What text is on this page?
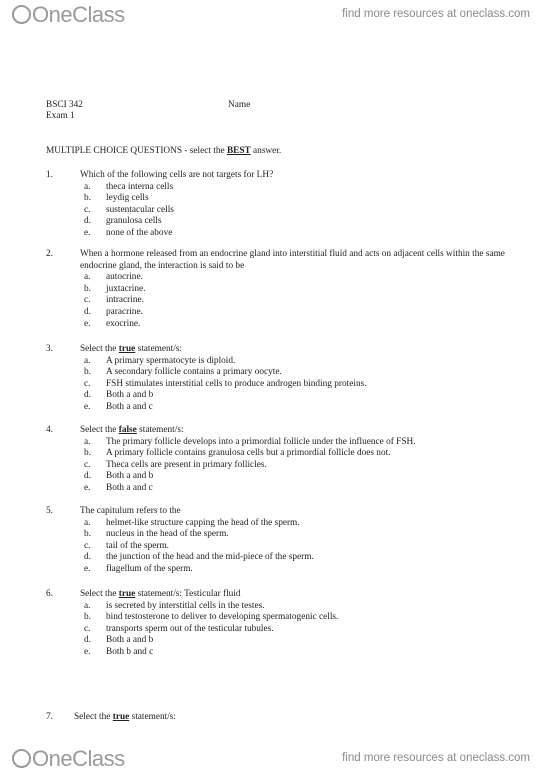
OneClass	find more resources at oneclass.com
BSCI 342	Name
Exam 1
MULTIPLE CHOICE QUESTIONS - select the BEST answer.
1.	Which of the following cells are not targets for LH?
a. theca interna cells
b. leydig cells
c. sustentacular cells
d. granulosa cells
e. none of the above
2.	When a hormone released from an endocrine gland into interstitial fluid and acts on adjacent cells within the same endocrine gland, the interaction is said to be
a. autocrine.
b. juxtacrine.
c. intracrine.
d. paracrine.
e. exocrine.
3.	Select the true statement/s:
a. A primary spermatocyte is diploid.
b. A secondary follicle contains a primary oocyte.
c. FSH stimulates interstitial cells to produce androgen binding proteins.
d. Both a and b
e. Both a and c
4.	Select the false statement/s:
a. The primary follicle develops into a primordial follicle under the influence of FSH.
b. A primary follicle contains granulosa cells but a primordial follicle does not.
c. Theca cells are present in primary follicles.
d. Both a and b
e. Both a and c
5.	The capitulum refers to the
a. helmet-like structure capping the head of the sperm.
b. nucleus in the head of the sperm.
c. tail of the sperm.
d. the junction of the head and the mid-piece of the sperm.
e. flagellum of the sperm.
6.	Select the true statement/s: Testicular fluid
a. is secreted by interstitial cells in the testes.
b. bind testosterone to deliver to developing spermatogenic cells.
c. transports sperm out of the testicular tubules.
d. Both a and b
e. Both b and c
7. Select the true statement/s:
OneClass	find more resources at oneclass.com
